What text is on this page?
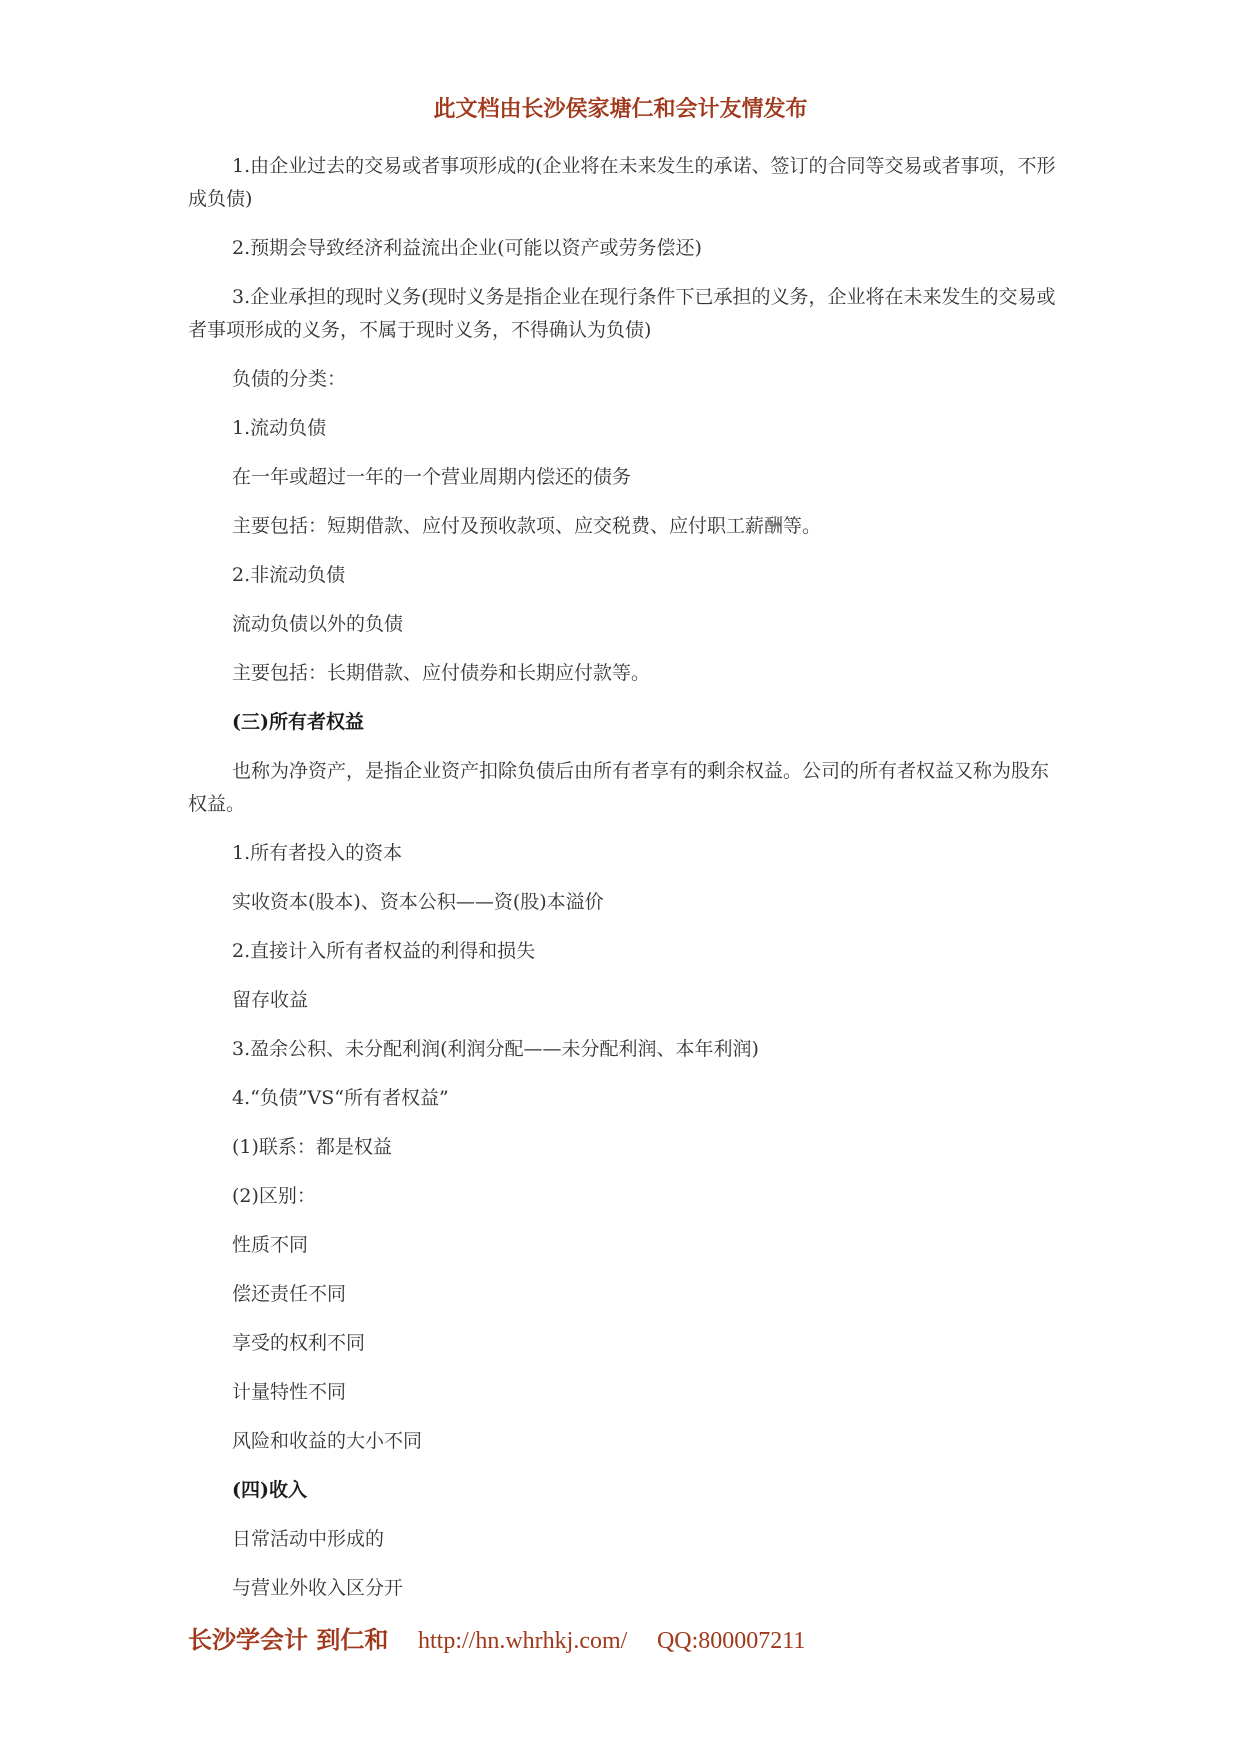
此文档由长沙侯家塘仁和会计友情发布

1.由企业过去的交易或者事项形成的(企业将在未来发生的承诺、签订的合同等交易或者事项，不形成负债)

2.预期会导致经济利益流出企业(可能以资产或劳务偿还)

3.企业承担的现时义务(现时义务是指企业在现行条件下已承担的义务，企业将在未来发生的交易或者事项形成的义务，不属于现时义务，不得确认为负债)

负债的分类：

1.流动负债

在一年或超过一年的一个营业周期内偿还的债务

主要包括：短期借款、应付及预收款项、应交税费、应付职工薪酬等。

2.非流动负债

流动负债以外的负债

主要包括：长期借款、应付债券和长期应付款等。

(三)所有者权益

也称为净资产，是指企业资产扣除负债后由所有者享有的剩余权益。公司的所有者权益又称为股东权益。

1.所有者投入的资本

实收资本(股本)、资本公积——资(股)本溢价

2.直接计入所有者权益的利得和损失

留存收益

3.盈余公积、未分配利润(利润分配——未分配利润、本年利润)

4.“负债”VS“所有者权益”

(1)联系：都是权益

(2)区别：

性质不同

偿还责任不同

享受的权利不同

计量特性不同

风险和收益的大小不同

(四)收入

日常活动中形成的

与营业外收入区分开

长沙学会计 到仁和 http://hn.whrhkj.com/ QQ:800007211
